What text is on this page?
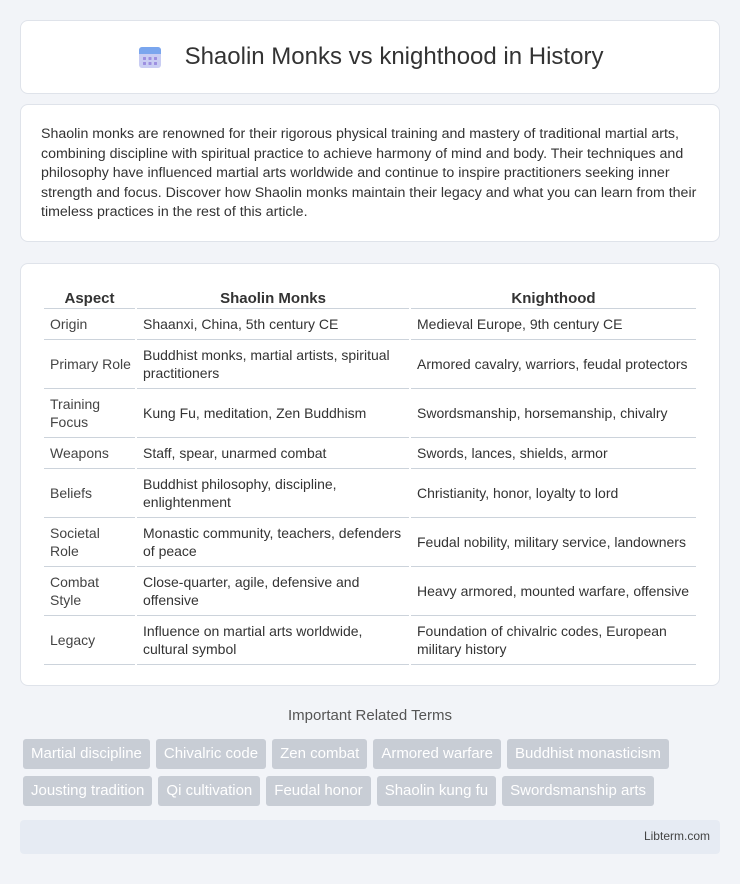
Shaolin Monks vs knighthood in History

Shaolin monks are renowned for their rigorous physical training and mastery of traditional martial arts, combining discipline with spiritual practice to achieve harmony of mind and body. Their techniques and philosophy have influenced martial arts worldwide and continue to inspire practitioners seeking inner strength and focus. Discover how Shaolin monks maintain their legacy and what you can learn from their timeless practices in the rest of this article.

Aspect	Shaolin Monks	Knighthood
Origin	Shaanxi, China, 5th century CE	Medieval Europe, 9th century CE
Primary Role	Buddhist monks, martial artists, spiritual practitioners	Armored cavalry, warriors, feudal protectors
Training Focus	Kung Fu, meditation, Zen Buddhism	Swordsmanship, horsemanship, chivalry
Weapons	Staff, spear, unarmed combat	Swords, lances, shields, armor
Beliefs	Buddhist philosophy, discipline, enlightenment	Christianity, honor, loyalty to lord
Societal Role	Monastic community, teachers, defenders of peace	Feudal nobility, military service, landowners
Combat Style	Close-quarter, agile, defensive and offensive	Heavy armored, mounted warfare, offensive
Legacy	Influence on martial arts worldwide, cultural symbol	Foundation of chivalric codes, European military history
Important Related Terms
Martial discipline	Chivalric code	Zen combat	Armored warfare	Buddhist monasticism
Jousting tradition	Qi cultivation	Feudal honor	Shaolin kung fu	Swordsmanship arts
Libterm.com
